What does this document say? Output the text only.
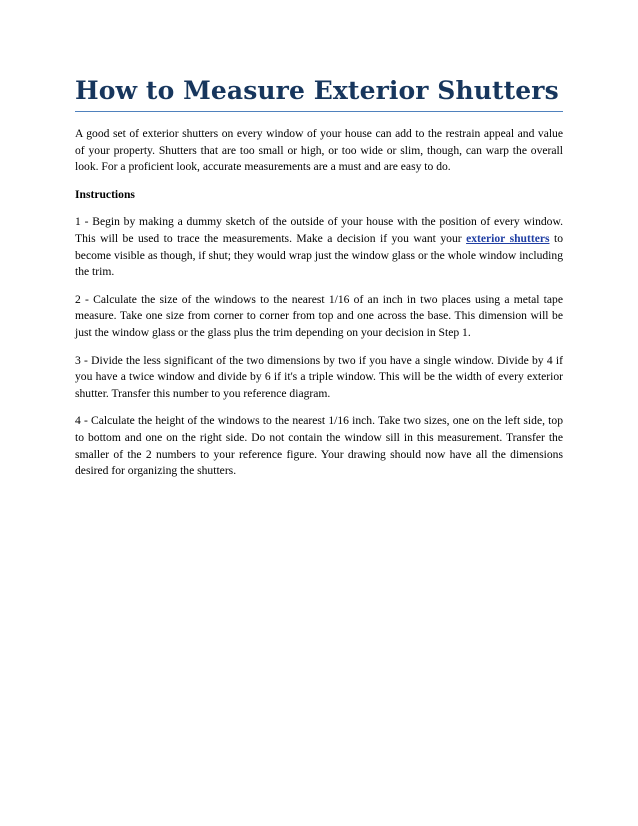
How to Measure Exterior Shutters

A good set of exterior shutters on every window of your house can add to the restrain appeal and value of your property. Shutters that are too small or high, or too wide or slim, though, can warp the overall look. For a proficient look, accurate measurements are a must and are easy to do.

Instructions

1 - Begin by making a dummy sketch of the outside of your house with the position of every window. This will be used to trace the measurements. Make a decision if you want your exterior shutters to become visible as though, if shut; they would wrap just the window glass or the whole window including the trim.

2 - Calculate the size of the windows to the nearest 1/16 of an inch in two places using a metal tape measure. Take one size from corner to corner from top and one across the base. This dimension will be just the window glass or the glass plus the trim depending on your decision in Step 1.

3 - Divide the less significant of the two dimensions by two if you have a single window. Divide by 4 if you have a twice window and divide by 6 if it's a triple window. This will be the width of every exterior shutter. Transfer this number to you reference diagram.

4 - Calculate the height of the windows to the nearest 1/16 inch. Take two sizes, one on the left side, top to bottom and one on the right side. Do not contain the window sill in this measurement. Transfer the smaller of the 2 numbers to your reference figure. Your drawing should now have all the dimensions desired for organizing the shutters.
